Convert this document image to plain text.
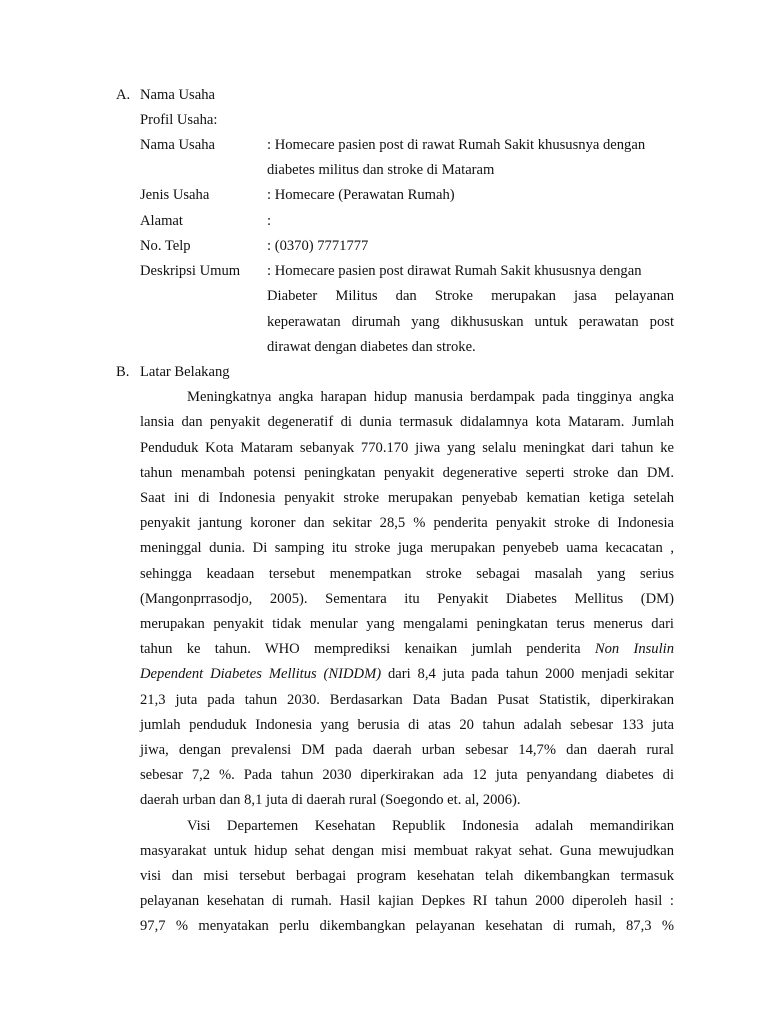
A. Nama Usaha
Profil Usaha:
Nama Usaha	: Homecare pasien post di rawat Rumah Sakit khususnya dengan
diabetes militus dan stroke di Mataram
Jenis Usaha	: Homecare (Perawatan Rumah)
Alamat	:
No. Telp	: (0370) 7771777
Deskripsi Umum : Homecare pasien post dirawat Rumah Sakit khususnya dengan
Diabeter Militus dan Stroke merupakan jasa pelayanan
keperawatan dirumah yang dikhususkan untuk perawatan post
dirawat dengan diabetes dan stroke.
B. Latar Belakang
Meningkatnya angka harapan hidup manusia berdampak pada tingginya angka
lansia dan penyakit degeneratif di dunia termasuk didalamnya kota Mataram. Jumlah
Penduduk Kota Mataram sebanyak 770.170 jiwa yang selalu meningkat dari tahun ke
tahun menambah potensi peningkatan penyakit degenerative seperti stroke dan DM.
Saat ini di Indonesia penyakit stroke merupakan penyebab kematian ketiga setelah
penyakit jantung koroner dan sekitar 28,5 % penderita penyakit stroke di Indonesia
meninggal dunia. Di samping itu stroke juga merupakan penyebeb uama kecacatan ,
sehingga keadaan tersebut menempatkan stroke sebagai masalah yang serius
(Mangonprrasodjo, 2005). Sementara itu Penyakit Diabetes Mellitus (DM)
merupakan penyakit tidak menular yang mengalami peningkatan terus menerus dari
tahun ke tahun. WHO memprediksi kenaikan jumlah penderita Non Insulin
Dependent Diabetes Mellitus (NIDDM) dari 8,4 juta pada tahun 2000 menjadi sekitar
21,3 juta pada tahun 2030. Berdasarkan Data Badan Pusat Statistik, diperkirakan
jumlah penduduk Indonesia yang berusia di atas 20 tahun adalah sebesar 133 juta
jiwa, dengan prevalensi DM pada daerah urban sebesar 14,7% dan daerah rural
sebesar 7,2 %. Pada tahun 2030 diperkirakan ada 12 juta penyandang diabetes di
daerah urban dan 8,1 juta di daerah rural (Soegondo et. al, 2006).
Visi Departemen Kesehatan Republik Indonesia adalah memandirikan
masyarakat untuk hidup sehat dengan misi membuat rakyat sehat. Guna mewujudkan
visi dan misi tersebut berbagai program kesehatan telah dikembangkan termasuk
pelayanan kesehatan di rumah. Hasil kajian Depkes RI tahun 2000 diperoleh hasil :
97,7 % menyatakan perlu dikembangkan pelayanan kesehatan di rumah, 87,3 %
